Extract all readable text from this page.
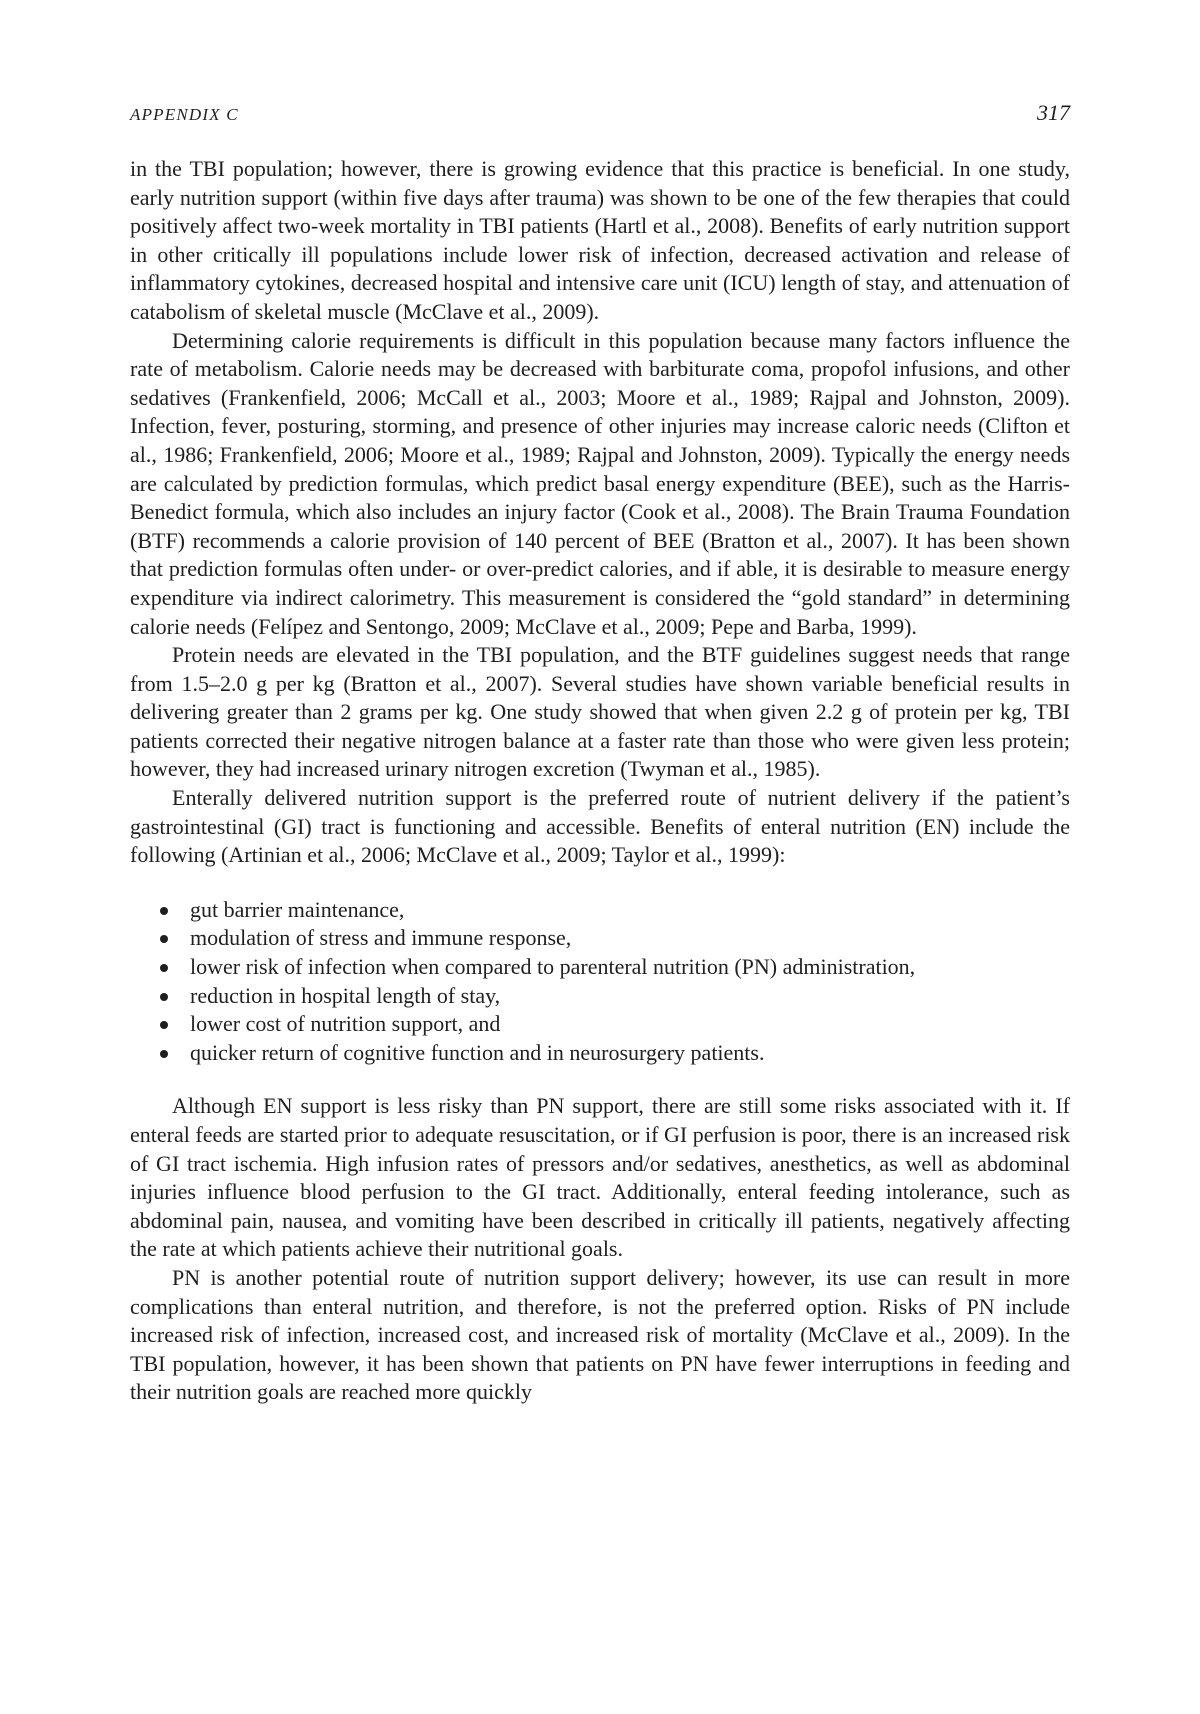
APPENDIX C	317

in the TBI population; however, there is growing evidence that this practice is beneficial. In one study, early nutrition support (within five days after trauma) was shown to be one of the few therapies that could positively affect two-week mortality in TBI patients (Hartl et al., 2008). Benefits of early nutrition support in other critically ill populations include lower risk of infection, decreased activation and release of inflammatory cytokines, decreased hospital and intensive care unit (ICU) length of stay, and attenuation of catabolism of skeletal muscle (McClave et al., 2009).

Determining calorie requirements is difficult in this population because many factors influence the rate of metabolism. Calorie needs may be decreased with barbiturate coma, propofol infusions, and other sedatives (Frankenfield, 2006; McCall et al., 2003; Moore et al., 1989; Rajpal and Johnston, 2009). Infection, fever, posturing, storming, and presence of other injuries may increase caloric needs (Clifton et al., 1986; Frankenfield, 2006; Moore et al., 1989; Rajpal and Johnston, 2009). Typically the energy needs are calculated by prediction formulas, which predict basal energy expenditure (BEE), such as the Harris-Benedict formula, which also includes an injury factor (Cook et al., 2008). The Brain Trauma Foundation (BTF) recommends a calorie provision of 140 percent of BEE (Bratton et al., 2007). It has been shown that prediction formulas often under- or over-predict calories, and if able, it is desirable to measure energy expenditure via indirect calorimetry. This measurement is considered the “gold standard” in determining calorie needs (Felípez and Sentongo, 2009; McClave et al., 2009; Pepe and Barba, 1999).

Protein needs are elevated in the TBI population, and the BTF guidelines suggest needs that range from 1.5–2.0 g per kg (Bratton et al., 2007). Several studies have shown variable beneficial results in delivering greater than 2 grams per kg. One study showed that when given 2.2 g of protein per kg, TBI patients corrected their negative nitrogen balance at a faster rate than those who were given less protein; however, they had increased urinary nitrogen excretion (Twyman et al., 1985).

Enterally delivered nutrition support is the preferred route of nutrient delivery if the patient’s gastrointestinal (GI) tract is functioning and accessible. Benefits of enteral nutrition (EN) include the following (Artinian et al., 2006; McClave et al., 2009; Taylor et al., 1999):

gut barrier maintenance,
modulation of stress and immune response,
lower risk of infection when compared to parenteral nutrition (PN) administration,
reduction in hospital length of stay,
lower cost of nutrition support, and
quicker return of cognitive function and in neurosurgery patients.

Although EN support is less risky than PN support, there are still some risks associated with it. If enteral feeds are started prior to adequate resuscitation, or if GI perfusion is poor, there is an increased risk of GI tract ischemia. High infusion rates of pressors and/or sedatives, anesthetics, as well as abdominal injuries influence blood perfusion to the GI tract. Additionally, enteral feeding intolerance, such as abdominal pain, nausea, and vomiting have been described in critically ill patients, negatively affecting the rate at which patients achieve their nutritional goals.

PN is another potential route of nutrition support delivery; however, its use can result in more complications than enteral nutrition, and therefore, is not the preferred option. Risks of PN include increased risk of infection, increased cost, and increased risk of mortality (McClave et al., 2009). In the TBI population, however, it has been shown that patients on PN have fewer interruptions in feeding and their nutrition goals are reached more quickly
